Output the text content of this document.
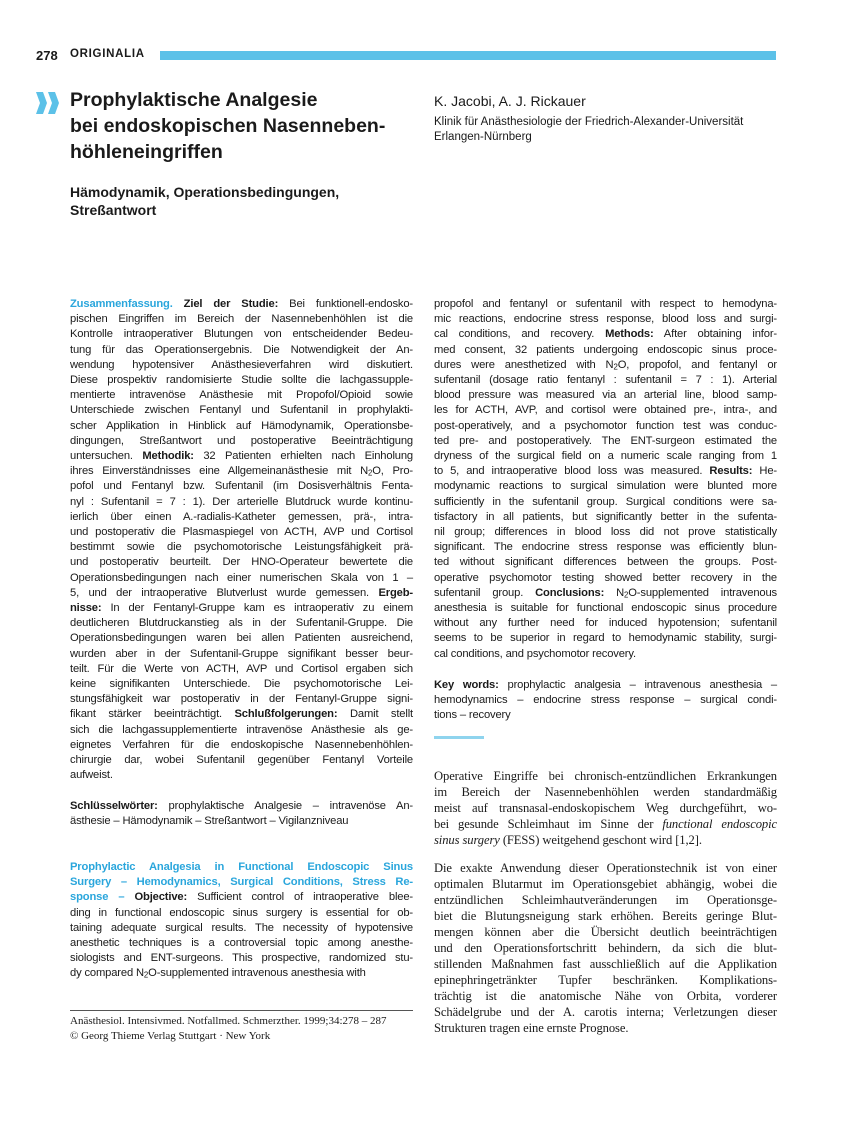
278 ORIGINALIA
Prophylaktische Analgesie
bei endoskopischen Nasenneben-
höhleneingriffen
Hämodynamik, Operationsbedingungen,
Streßantwort
K. Jacobi, A. J. Rickauer
Klinik für Anästhesiologie der Friedrich-Alexander-Universität
Erlangen-Nürnberg
Zusammenfassung. Ziel der Studie: Bei funktionell-endosko-
pischen Eingriffen im Bereich der Nasennebenhöhlen ist die
Kontrolle intraoperativer Blutungen von entscheidender Bedeu-
tung für das Operationsergebnis. Die Notwendigkeit der An-
wendung hypotensiver Anästhesieverfahren wird diskutiert.
Diese prospektiv randomisierte Studie sollte die lachgassupple-
mentierte intravenöse Anästhesie mit Propofol/Opioid sowie
Unterschiede zwischen Fentanyl und Sufentanil in prophylakti-
scher Applikation in Hinblick auf Hämodynamik, Operationsbe-
dingungen, Streßantwort und postoperative Beeinträchtigung
untersuchen. Methodik: 32 Patienten erhielten nach Einholung
ihres Einverständnisses eine Allgemeinanästhesie mit $N_2O$, Pro-
pofol und Fentanyl bzw. Sufentanil (im Dosisverhältnis Fenta-
nyl : Sufentanil = 7 : 1). Der arterielle Blutdruck wurde kontinu-
ierlich über einen A.-radialis-Katheter gemessen, prä-, intra-
und postoperativ die Plasmaspiegel von ACTH, AVP und Cortisol
bestimmt sowie die psychomotorische Leistungsfähigkeit prä-
und postoperativ beurteilt. Der HNO-Operateur bewertete die
Operationsbedingungen nach einer numerischen Skala von 1 –
5, und der intraoperative Blutverlust wurde gemessen. Ergeb-
nisse: In der Fentanyl-Gruppe kam es intraoperativ zu einem
deutlicheren Blutdruckanstieg als in der Sufentanil-Gruppe. Die
Operationsbedingungen waren bei allen Patienten ausreichend,
wurden aber in der Sufentanil-Gruppe signifikant besser beur-
teilt. Für die Werte von ACTH, AVP und Cortisol ergaben sich
keine signifikanten Unterschiede. Die psychomotorische Lei-
stungsfähigkeit war postoperativ in der Fentanyl-Gruppe signi-
fikant stärker beeinträchtigt. Schlußfolgerungen: Damit stellt
sich die lachgassupplementierte intravenöse Anästhesie als ge-
eignetes Verfahren für die endoskopische Nasennebenhöhlen-
chirurgie dar, wobei Sufentanil gegenüber Fentanyl Vorteile
aufweist.
Schlüsselwörter: prophylaktische Analgesie – intravenöse An-
ästhesie – Hämodynamik – Streßantwort – Vigilanzniveau
Prophylactic Analgesia in Functional Endoscopic Sinus
Surgery – Hemodynamics, Surgical Conditions, Stress Re-
sponse – Objective: Sufficient control of intraoperative blee-
ding in functional endoscopic sinus surgery is essential for ob-
taining adequate surgical results. The necessity of hypotensive
anesthetic techniques is a controversial topic among anesthe-
siologists and ENT-surgeons. This prospective, randomized stu-
dy compared $N_2O$-supplemented intravenous anesthesia with
propofol and fentanyl or sufentanil with respect to hemodyna-
mic reactions, endocrine stress response, blood loss and surgi-
cal conditions, and recovery. Methods: After obtaining infor-
med consent, 32 patients undergoing endoscopic sinus proce-
dures were anesthetized with $N_2O$, propofol, and fentanyl or
sufentanil (dosage ratio fentanyl : sufentanil = 7 : 1). Arterial
blood pressure was measured via an arterial line, blood samp-
les for ACTH, AVP, and cortisol were obtained pre-, intra-, and
post-operatively, and a psychomotor function test was conduc-
ted pre- and postoperatively. The ENT-surgeon estimated the
dryness of the surgical field on a numeric scale ranging from 1
to 5, and intraoperative blood loss was measured. Results: He-
modynamic reactions to surgical simulation were blunted more
sufficiently in the sufentanil group. Surgical conditions were sa-
tisfactory in all patients, but significantly better in the sufenta-
nil group; differences in blood loss did not prove statistically
significant. The endocrine stress response was efficiently blun-
ted without significant differences between the groups. Post-
operative psychomotor testing showed better recovery in the
sufentanil group. Conclusions: $N_2O$-supplemented intravenous
anesthesia is suitable for functional endoscopic sinus procedure
without any further need for induced hypotension; sufentanil
seems to be superior in regard to hemodynamic stability, surgi-
cal conditions, and psychomotor recovery.
Key words: prophylactic analgesia – intravenous anesthesia –
hemodynamics – endocrine stress response – surgical condi-
tions – recovery
Operative Eingriffe bei chronisch-entzündlichen Erkrankungen
im Bereich der Nasennebenhöhlen werden standardmäßig
meist auf transnasal-endoskopischem Weg durchgeführt, wo-
bei gesunde Schleimhaut im Sinne der functional endoscopic
sinus surgery (FESS) weitgehend geschont wird [1,2].
Die exakte Anwendung dieser Operationstechnik ist von einer
optimalen Blutarmut im Operationsgebiet abhängig, wobei die
entzündlichen Schleimhautveränderungen im Operationsge-
biet die Blutungsneigung stark erhöhen. Bereits geringe Blut-
mengen können aber die Übersicht deutlich beeinträchtigen
und den Operationsfortschritt behindern, da sich die blut-
stillenden Maßnahmen fast ausschließlich auf die Applikation
epinephringetränkter Tupfer beschränken. Komplikations-
trächtig ist die anatomische Nähe von Orbita, vorderer
Schädelgrube und der A. carotis interna; Verletzungen dieser
Strukturen tragen eine ernste Prognose.
Anästhesiol. Intensivmed. Notfallmed. Schmerzther. 1999;34:278 – 287
© Georg Thieme Verlag Stuttgart · New York
